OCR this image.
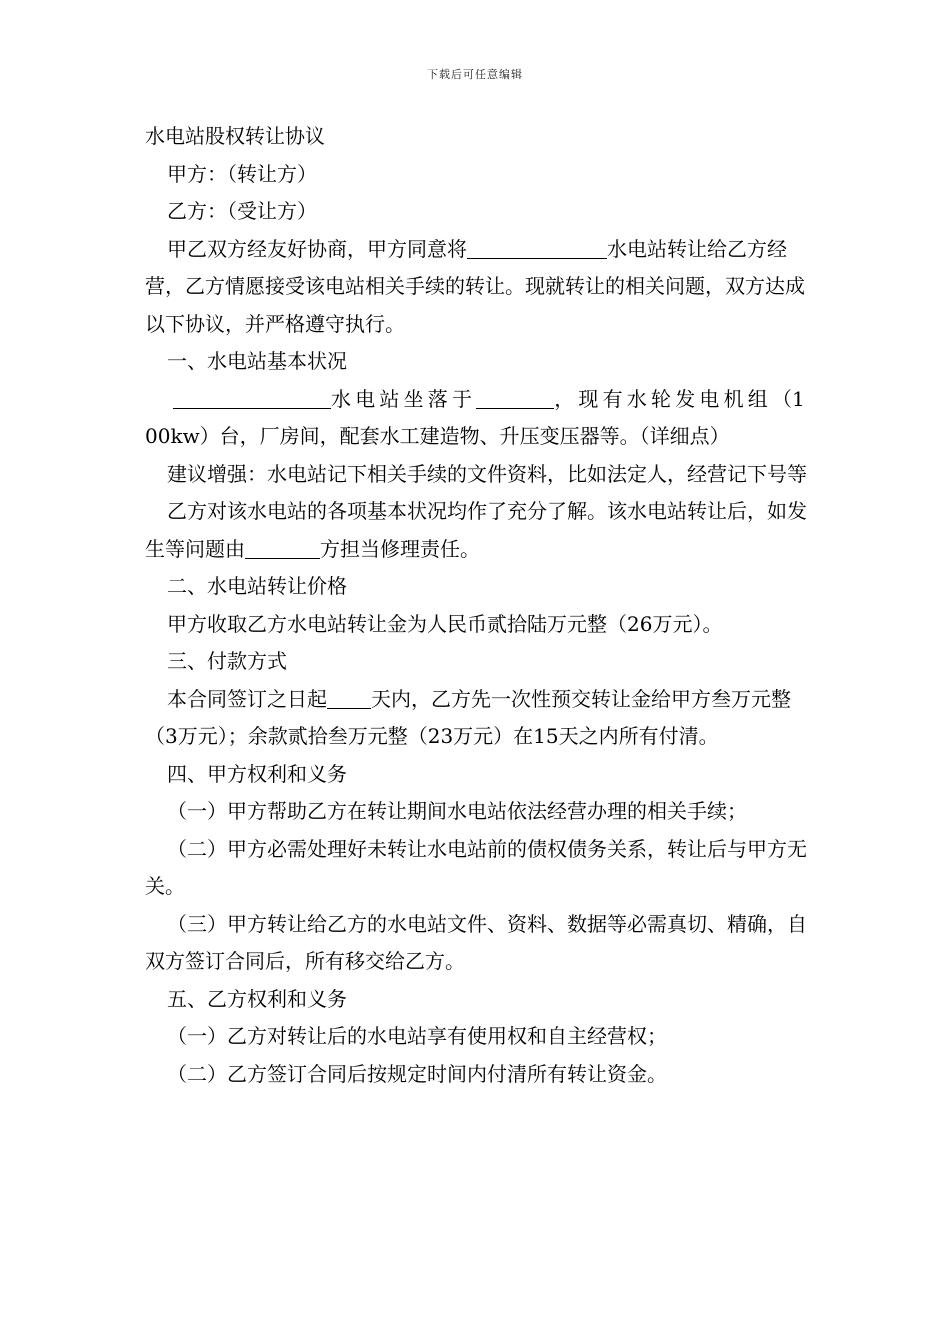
下载后可任意编辑

水电站股权转让协议

甲方：（转让方）

乙方：（受让方）

甲乙双方经友好协商，甲方同意将	水电站转让给乙方经营，乙方情愿接受该电站相关手续的转让。现就转让的相关问题，双方达成以下协议，并严格遵守执行。

一、水电站基本状况

水电站坐落于	，现有水轮发电机组（100kw）台，厂房间，配套水工建造物、升压变压器等。（详细点）

建议增强：水电站记下相关手续的文件资料，比如法定人，经营记下号等

乙方对该水电站的各项基本状况均作了充分了解。该水电站转让后，如发生等问题由	方担当修理责任。

二、水电站转让价格

甲方收取乙方水电站转让金为人民币贰拾陆万元整（26万元）。

三、付款方式

本合同签订之日起 天内，乙方先一次性预交转让金给甲方叁万元整（3万元）；余款贰拾叁万元整（23万元）在15天之内所有付清。

四、甲方权利和义务

（一）甲方帮助乙方在转让期间水电站依法经营办理的相关手续；

（二）甲方必需处理好未转让水电站前的债权债务关系，转让后与甲方无关。

（三）甲方转让给乙方的水电站文件、资料、数据等必需真切、精确，自双方签订合同后，所有移交给乙方。

五、乙方权利和义务

（一）乙方对转让后的水电站享有使用权和自主经营权；

（二）乙方签订合同后按规定时间内付清所有转让资金。
